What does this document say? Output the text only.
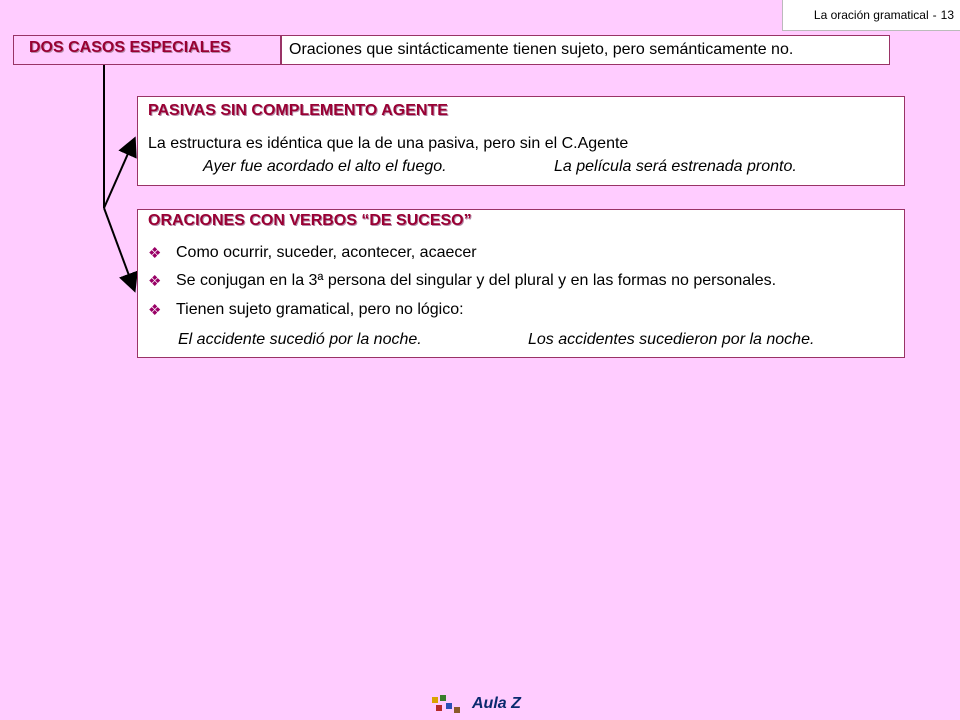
La oración gramatical - 13
DOS CASOS ESPECIALES	Oraciones que sintácticamente tienen sujeto, pero semánticamente no.
PASIVAS SIN COMPLEMENTO AGENTE
La estructura es idéntica que la de una pasiva, pero sin el C.Agente
Ayer fue acordado el alto el fuego.	La película será estrenada pronto.
ORACIONES CON VERBOS “DE SUCESO”
❖ Como ocurrir, suceder, acontecer, acaecer
❖ Se conjugan en la 3ª persona del singular y del plural y en las formas no personales.
❖ Tienen sujeto gramatical, pero no lógico:
El accidente sucedió por la noche.	Los accidentes sucedieron por la noche.
Aula Z
